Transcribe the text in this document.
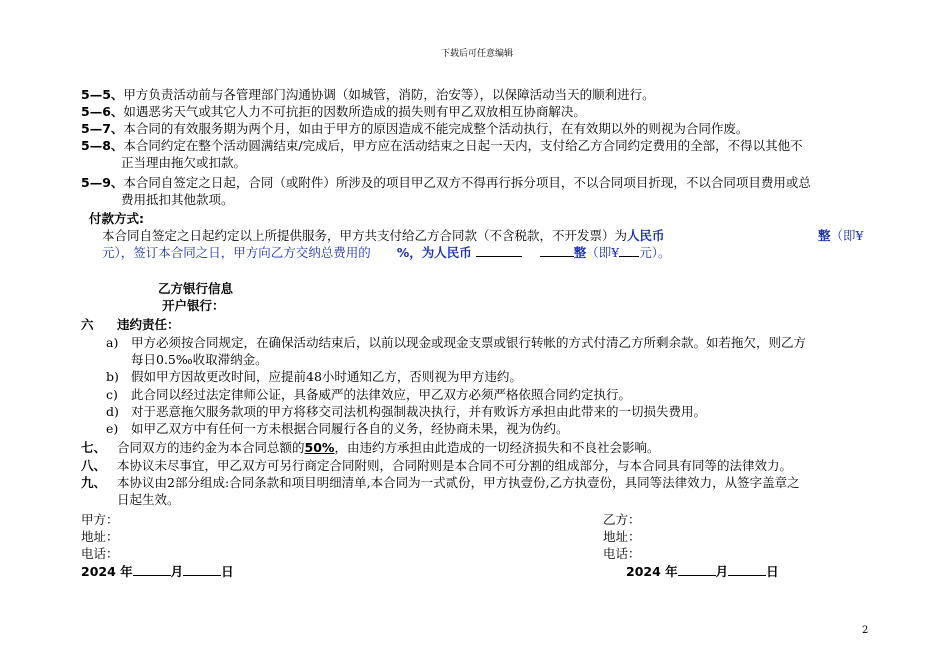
下载后可任意编辑
5—5、甲方负责活动前与各管理部门沟通协调（如城管，消防，治安等），以保障活动当天的顺利进行。
5—6、如遇恶劣天气或其它人力不可抗拒的因数所造成的损失则有甲乙双放相互协商解决。
5—7、本合同的有效服务期为两个月，如由于甲方的原因造成不能完成整个活动执行，在有效期以外的则视为合同作废。
5—8、本合同约定在整个活动圆满结束/完成后，甲方应在活动结束之日起一天内，支付给乙方合同约定费用的全部，不得以其他不
正当理由拖欠或扣款。
5—9、本合同自签定之日起，合同（或附件）所涉及的项目甲乙双方不得再行拆分项目，不以合同项目折现，不以合同项目费用或总
费用抵扣其他款项。
付款方式:
本合同自签定之日起约定以上所提供服务，甲方共支付给乙方合同款（不含税款，不开发票）为人民币	整（即¥
元），签订本合同之日，甲方向乙方交纳总费用的 %，为人民币	整（即¥ 元）。
乙方银行信息
开户银行：
六 违约责任：
a) 甲方必须按合同规定，在确保活动结束后，以前以现金或现金支票或银行转帐的方式付清乙方所剩余款。如若拖欠，则乙方
每日0.5‰收取滞纳金。
b) 假如甲方因故更改时间，应提前48小时通知乙方，否则视为甲方违约。
c) 此合同以经过法定律师公证，具备威严的法律效应，甲乙双方必须严格依照合同约定执行。
d) 对于恶意拖欠服务款项的甲方将移交司法机构强制裁决执行，并有败诉方承担由此带来的一切损失费用。
e) 如甲乙双方中有任何一方未根据合同履行各自的义务，经协商未果，视为伪约。
七、 合同双方的违约金为本合同总额的50%，由违约方承担由此造成的一切经济损失和不良社会影响。
八、 本协议未尽事宜，甲乙双方可另行商定合同附则，合同附则是本合同不可分割的组成部分，与本合同具有同等的法律效力。
九、 本协议由2部分组成:合同条款和项目明细清单,本合同为一式贰份，甲方执壹份,乙方执壹份，具同等法律效力，从签字盖章之
日起生效。
甲方：
地址：
电话：
2024 年	月	日
乙方：
地址：
电话：
2024 年	月	日
2
